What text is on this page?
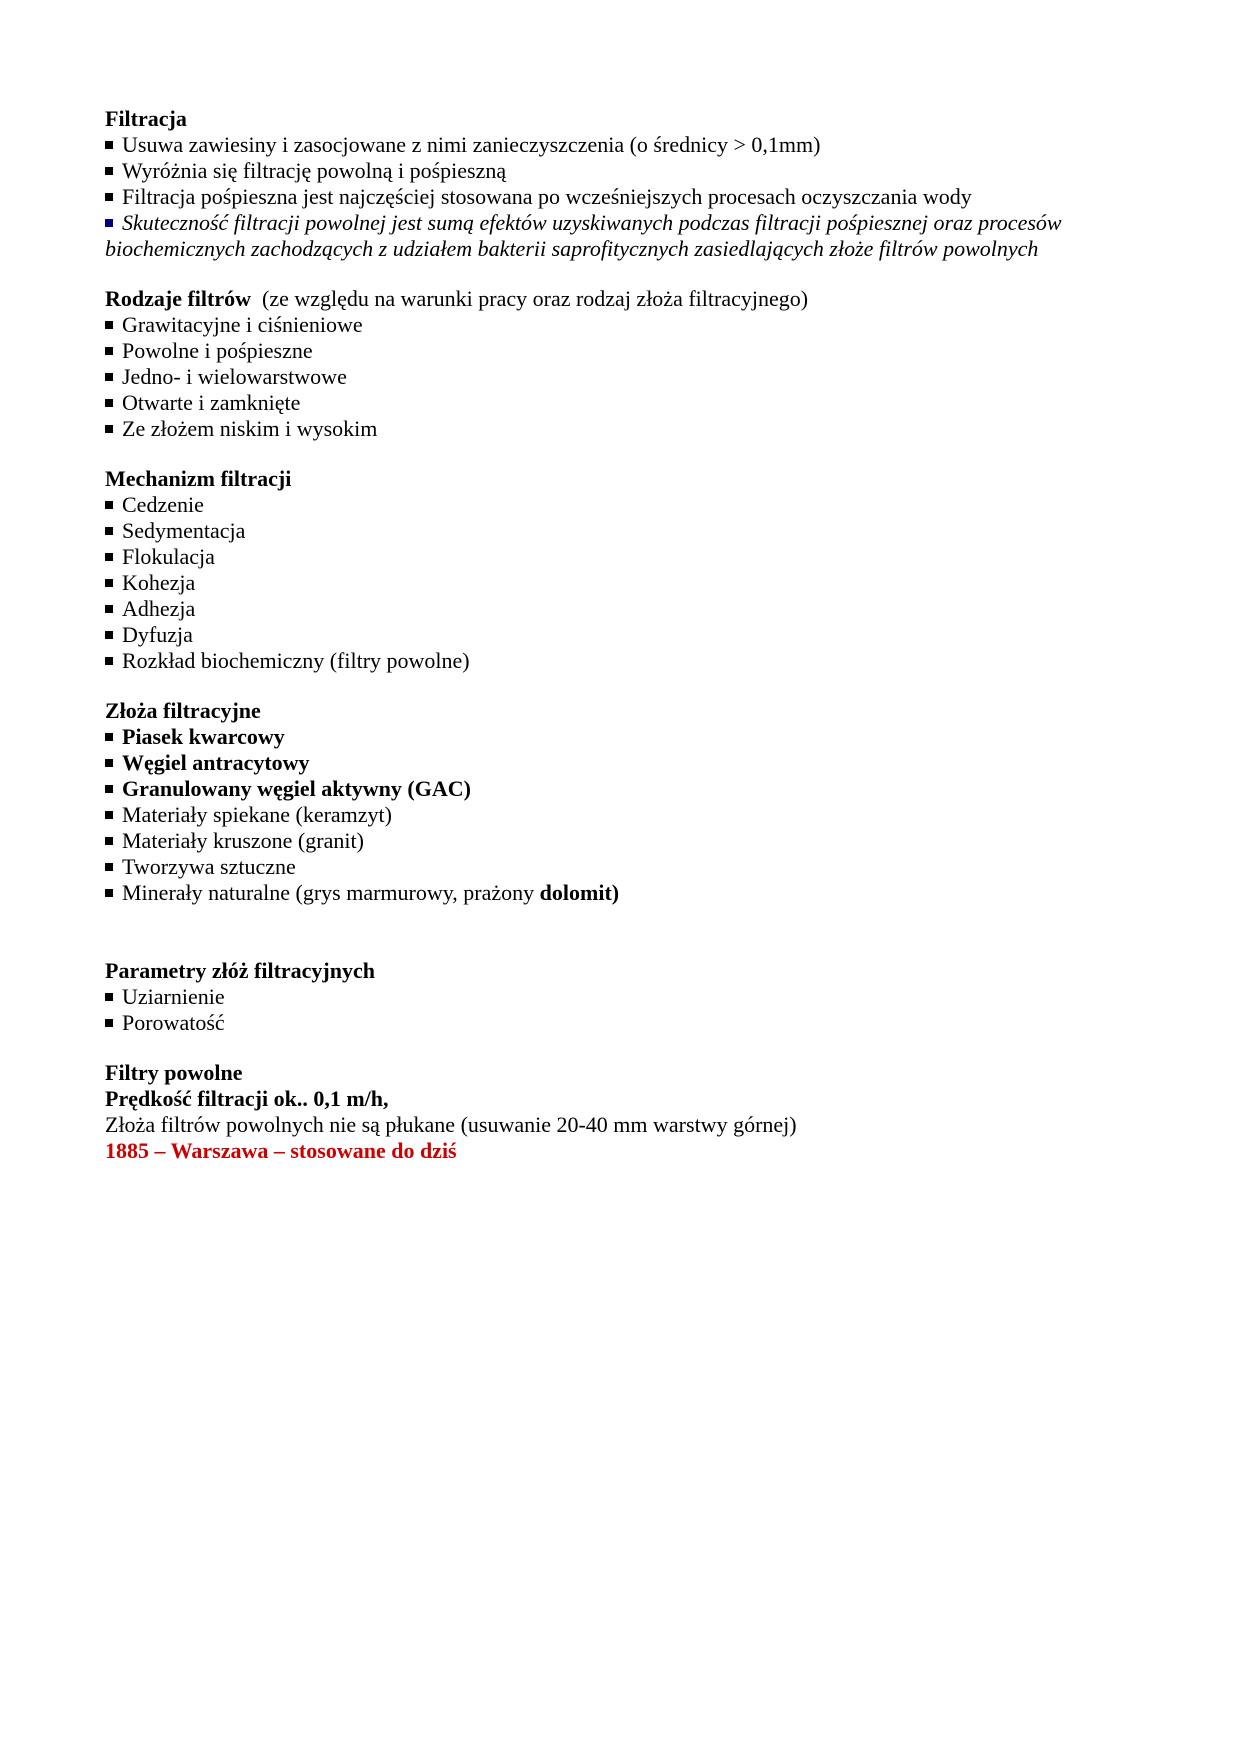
Filtracja
Usuwa zawiesiny i zasocjowane z nimi zanieczyszczenia (o średnicy > 0,1mm)
Wyróżnia się filtrację powolną i pośpieszną
Filtracja pośpieszna jest najczęściej stosowana po wcześniejszych procesach oczyszczania wody
Skuteczność filtracji powolnej jest sumą efektów uzyskiwanych podczas filtracji pośpiesznej oraz procesów biochemicznych zachodzących z udziałem bakterii saprofitycznych zasiedlających złoże filtrów powolnych
Rodzaje filtrów  (ze względu na warunki pracy oraz rodzaj złoża filtracyjnego)
Grawitacyjne i ciśnieniowe
Powolne i pośpieszne
Jedno- i wielowarstwowe
Otwarte i zamknięte
Ze złożem niskim i wysokim
Mechanizm filtracji
Cedzenie
Sedymentacja
Flokulacja
Kohezja
Adhezja
Dyfuzja
Rozkład biochemiczny (filtry powolne)
Złoża filtracyjne
Piasek kwarcowy
Węgiel antracytowy
Granulowany węgiel aktywny (GAC)
Materiały spiekane (keramzyt)
Materiały kruszone (granit)
Tworzywa sztuczne
Minerały naturalne (grys marmurowy, prażony dolomit)
Parametry złóż filtracyjnych
Uziarnienie
Porowatość
Filtry powolne
Prędkość filtracji ok.. 0,1 m/h,
Złoża filtrów powolnych nie są płukane (usuwanie 20-40 mm warstwy górnej)
1885 – Warszawa – stosowane do dziś
